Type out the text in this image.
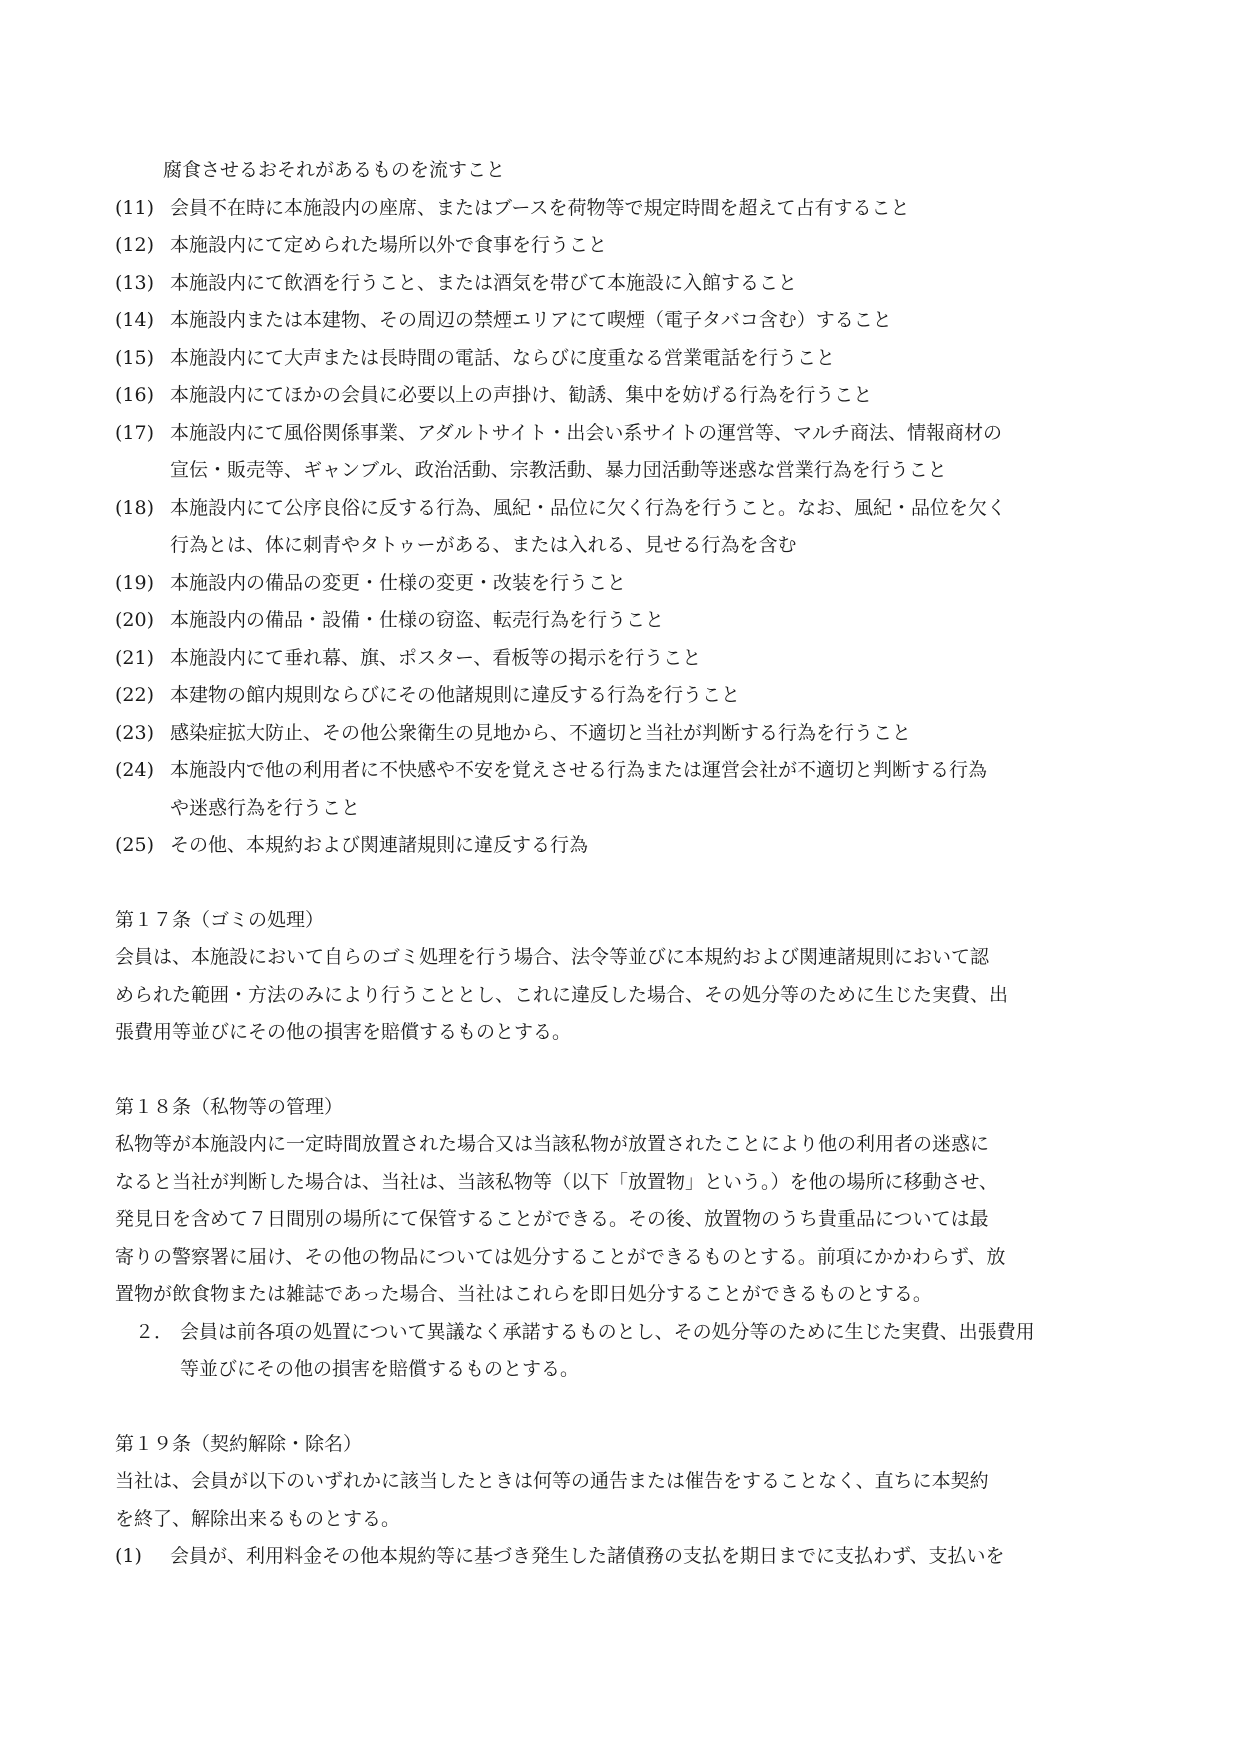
腐食させるおそれがあるものを流すこと
(11) 会員不在時に本施設内の座席、またはブースを荷物等で規定時間を超えて占有すること
(12) 本施設内にて定められた場所以外で食事を行うこと
(13) 本施設内にて飲酒を行うこと、または酒気を帯びて本施設に入館すること
(14) 本施設内または本建物、その周辺の禁煙エリアにて喫煙（電子タバコ含む）すること
(15) 本施設内にて大声または長時間の電話、ならびに度重なる営業電話を行うこと
(16) 本施設内にてほかの会員に必要以上の声掛け、勧誘、集中を妨げる行為を行うこと
(17) 本施設内にて風俗関係事業、アダルトサイト・出会い系サイトの運営等、マルチ商法、情報商材の
宣伝・販売等、ギャンブル、政治活動、宗教活動、暴力団活動等迷惑な営業行為を行うこと
(18) 本施設内にて公序良俗に反する行為、風紀・品位に欠く行為を行うこと。なお、風紀・品位を欠く
行為とは、体に刺青やタトゥーがある、または入れる、見せる行為を含む
(19) 本施設内の備品の変更・仕様の変更・改装を行うこと
(20) 本施設内の備品・設備・仕様の窃盗、転売行為を行うこと
(21) 本施設内にて垂れ幕、旗、ポスター、看板等の掲示を行うこと
(22) 本建物の館内規則ならびにその他諸規則に違反する行為を行うこと
(23) 感染症拡大防止、その他公衆衛生の見地から、不適切と当社が判断する行為を行うこと
(24) 本施設内で他の利用者に不快感や不安を覚えさせる行為または運営会社が不適切と判断する行為
や迷惑行為を行うこと
(25) その他、本規約および関連諸規則に違反する行為
第１７条（ゴミの処理）
会員は、本施設において自らのゴミ処理を行う場合、法令等並びに本規約および関連諸規則において認
められた範囲・方法のみにより行うこととし、これに違反した場合、その処分等のために生じた実費、出
張費用等並びにその他の損害を賠償するものとする。
第１８条（私物等の管理）
私物等が本施設内に一定時間放置された場合又は当該私物が放置されたことにより他の利用者の迷惑に
なると当社が判断した場合は、当社は、当該私物等（以下「放置物」という。）を他の場所に移動させ、
発見日を含めて７日間別の場所にて保管することができる。その後、放置物のうち貴重品については最
寄りの警察署に届け、その他の物品については処分することができるものとする。前項にかかわらず、放
置物が飲食物または雑誌であった場合、当社はこれらを即日処分することができるものとする。
２． 会員は前各項の処置について異議なく承諾するものとし、その処分等のために生じた実費、出張費用
等並びにその他の損害を賠償するものとする。
第１９条（契約解除・除名）
当社は、会員が以下のいずれかに該当したときは何等の通告または催告をすることなく、直ちに本契約
を終了、解除出来るものとする。
(1)	会員が、利用料金その他本規約等に基づき発生した諸債務の支払を期日までに支払わず、支払いを
